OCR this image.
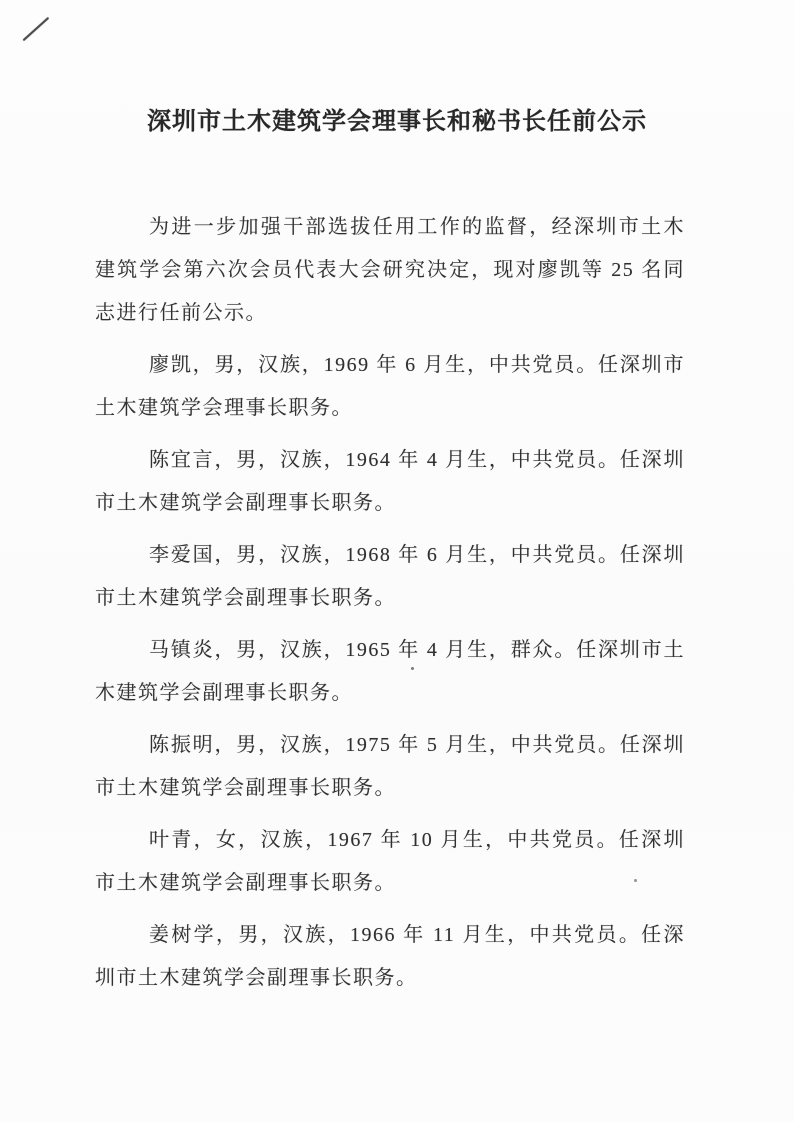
深圳市土木建筑学会理事长和秘书长任前公示

为进一步加强干部选拔任用工作的监督，经深圳市土木建筑学会第六次会员代表大会研究决定，现对廖凯等 25 名同志进行任前公示。

廖凯，男，汉族，1969 年 6 月生，中共党员。任深圳市土木建筑学会理事长职务。

陈宜言，男，汉族，1964 年 4 月生，中共党员。任深圳市土木建筑学会副理事长职务。

李爱国，男，汉族，1968 年 6 月生，中共党员。任深圳市土木建筑学会副理事长职务。

马镇炎，男，汉族，1965 年 4 月生，群众。任深圳市土木建筑学会副理事长职务。

陈振明，男，汉族，1975 年 5 月生，中共党员。任深圳市土木建筑学会副理事长职务。

叶青，女，汉族，1967 年 10 月生，中共党员。任深圳市土木建筑学会副理事长职务。

姜树学，男，汉族，1966 年 11 月生，中共党员。任深圳市土木建筑学会副理事长职务。
